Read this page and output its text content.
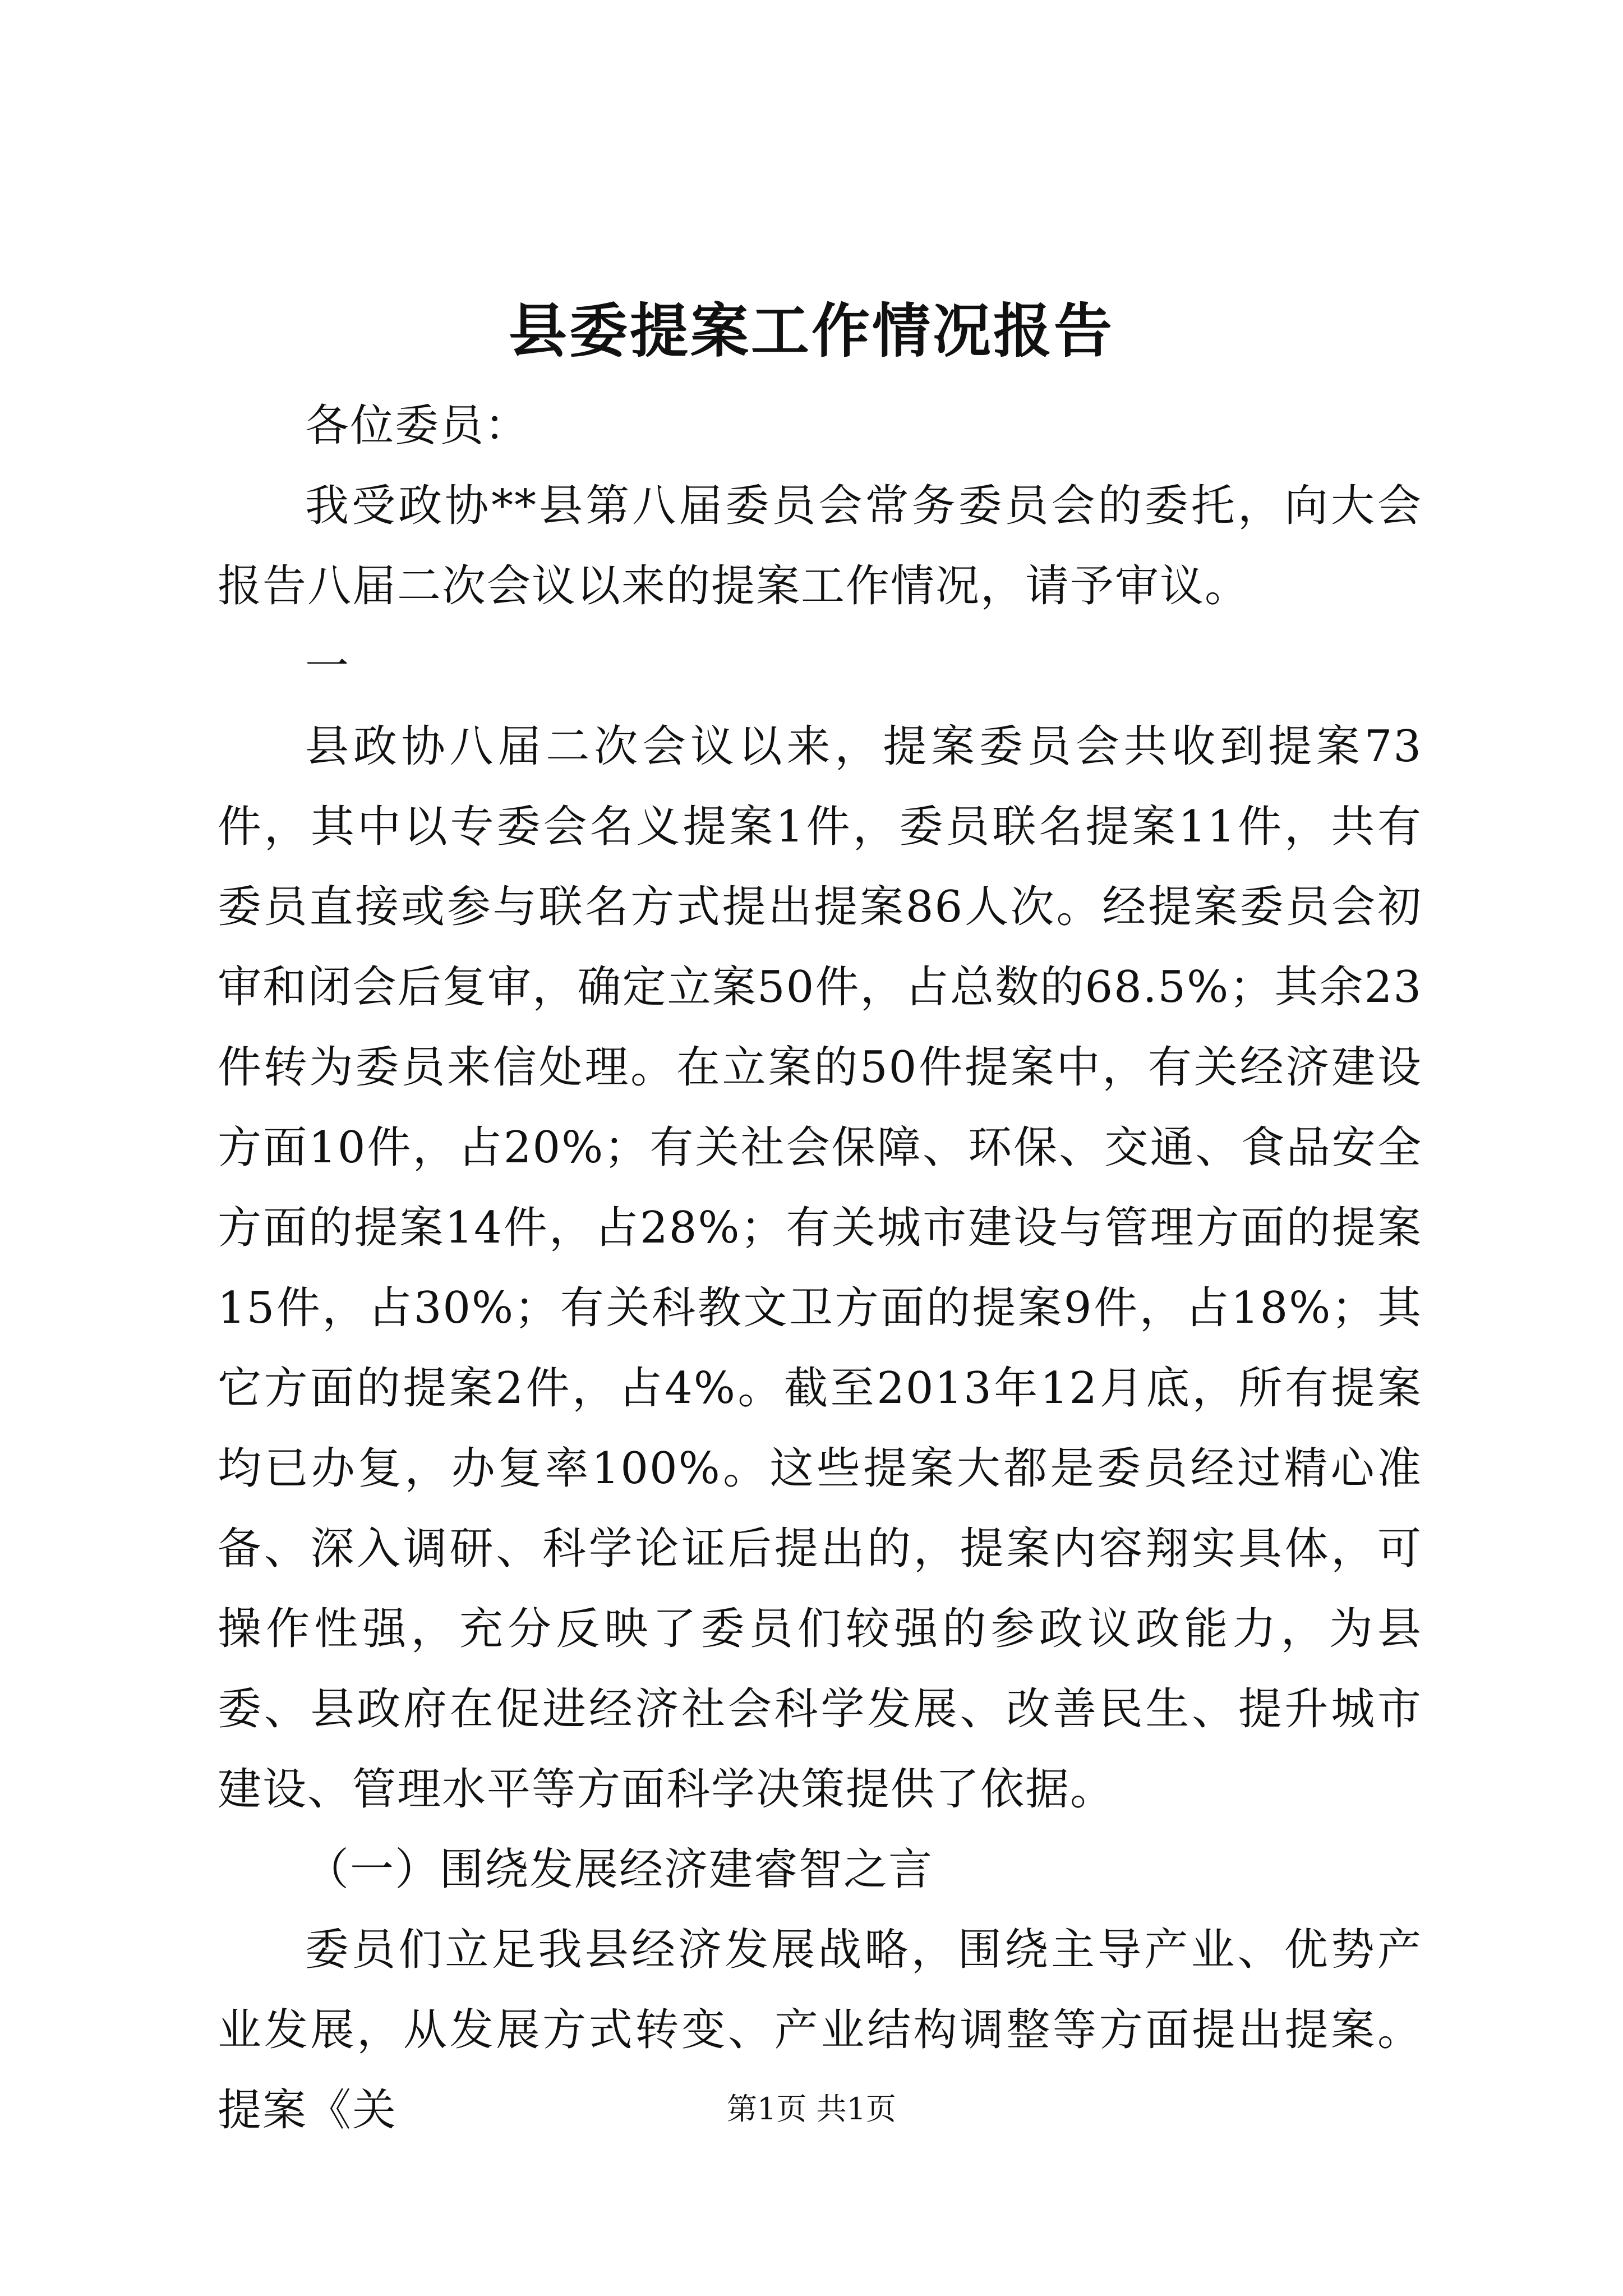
县委提案工作情况报告

各位委员：

我受政协**县第八届委员会常务委员会的委托，向大会报告八届二次会议以来的提案工作情况，请予审议。

一

县政协八届二次会议以来，提案委员会共收到提案73件，其中以专委会名义提案1件，委员联名提案11件，共有委员直接或参与联名方式提出提案86人次。经提案委员会初审和闭会后复审，确定立案50件，占总数的68.5%；其余23件转为委员来信处理。在立案的50件提案中，有关经济建设方面10件，占20%；有关社会保障、环保、交通、食品安全方面的提案14件，占28%；有关城市建设与管理方面的提案15件，占30%；有关科教文卫方面的提案9件，占18%；其它方面的提案2件，占4%。截至2013年12月底，所有提案均已办复，办复率100%。这些提案大都是委员经过精心准备、深入调研、科学论证后提出的，提案内容翔实具体，可操作性强，充分反映了委员们较强的参政议政能力，为县委、县政府在促进经济社会科学发展、改善民生、提升城市建设、管理水平等方面科学决策提供了依据。

（一）围绕发展经济建睿智之言

委员们立足我县经济发展战略，围绕主导产业、优势产业发展，从发展方式转变、产业结构调整等方面提出提案。提案《关	第1页 共1页
